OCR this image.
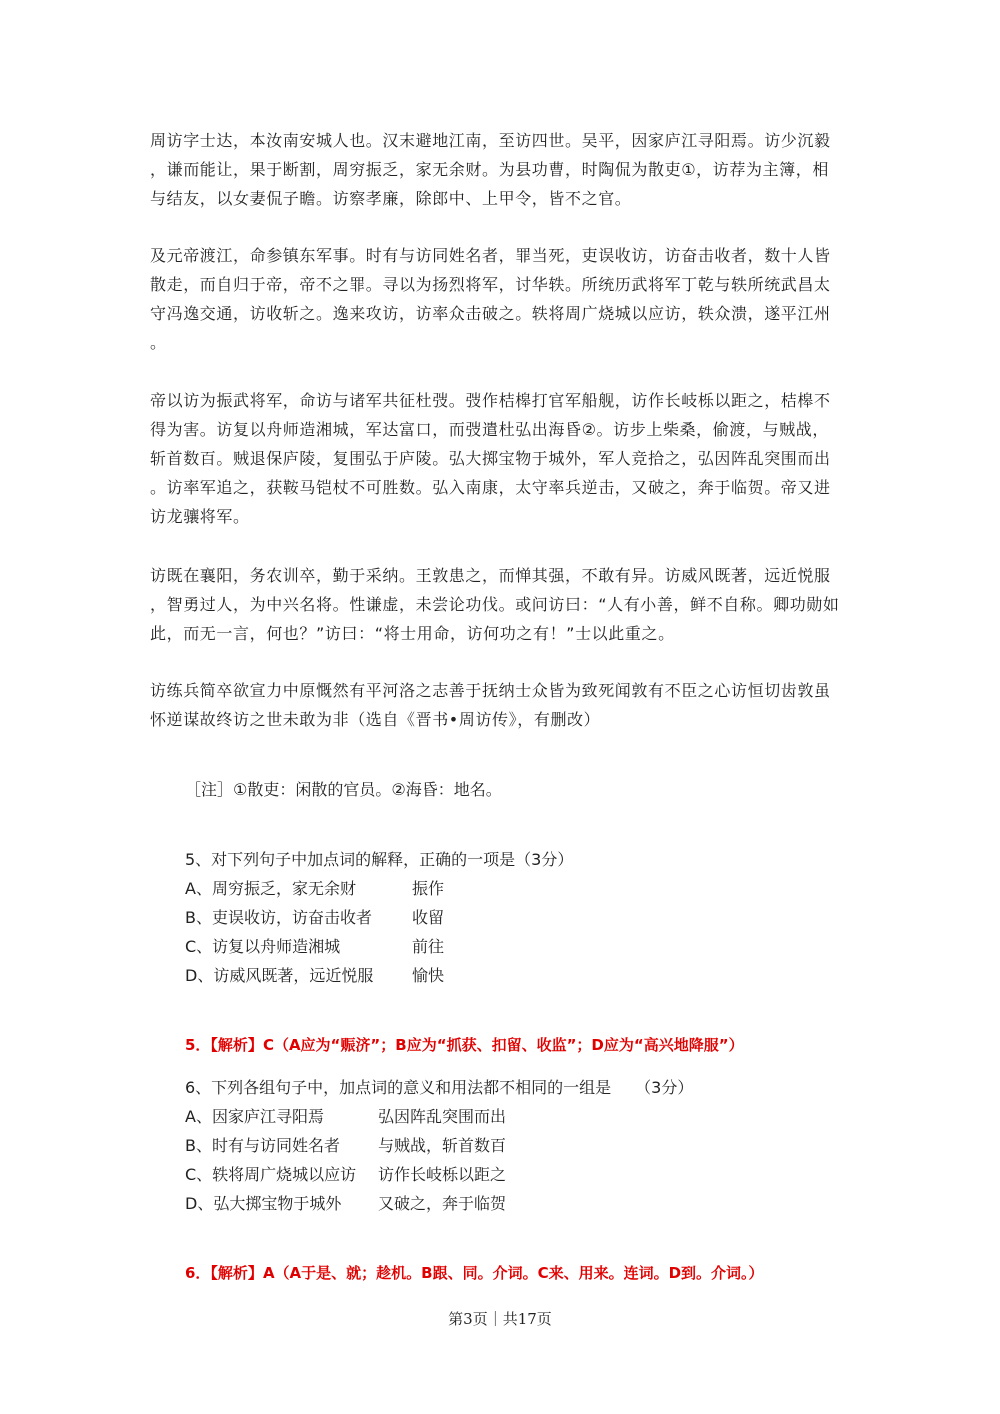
周访字士达，本汝南安城人也。汉末避地江南，至访四世。吴平，因家庐江寻阳焉。访少沉毅
，谦而能让，果于断割，周穷振乏，家无余财。为县功曹，时陶侃为散吏①，访荐为主簿，相
与结友，以女妻侃子瞻。访察孝廉，除郎中、上甲令，皆不之官。
及元帝渡江，命参镇东军事。时有与访同姓名者，罪当死，吏误收访，访奋击收者，数十人皆
散走，而自归于帝，帝不之罪。寻以为扬烈将军，讨华轶。所统历武将军丁乾与轶所统武昌太
守冯逸交通，访收斩之。逸来攻访，访率众击破之。轶将周广烧城以应访，轶众溃，遂平江州
。
帝以访为振武将军，命访与诸军共征杜弢。弢作桔槔打官军船舰，访作长岐栎以距之，桔槔不
得为害。访复以舟师造湘城，军达富口，而弢遣杜弘出海昏②。访步上柴桑，偷渡，与贼战，
斩首数百。贼退保庐陵，复围弘于庐陵。弘大掷宝物于城外，军人竞拾之，弘因阵乱突围而出
。访率军追之，获鞍马铠杖不可胜数。弘入南康，太守率兵逆击，又破之，奔于临贺。帝又进
访龙骧将军。
访既在襄阳，务农训卒，勤于采纳。王敦患之，而惮其强，不敢有异。访威风既著，远近悦服
，智勇过人，为中兴名将。性谦虚，未尝论功伐。或问访曰：“人有小善，鲜不自称。卿功勋如
此，而无一言，何也？”访曰：“将士用命，访何功之有！”士以此重之。
访练兵简卒欲宣力中原慨然有平河洛之志善于抚纳士众皆为致死闻敦有不臣之心访恒切齿敦虽
怀逆谋故终访之世未敢为非（选自《晋书•周访传》，有删改）
［注］①散吏：闲散的官员。②海昏：地名。
5、对下列句子中加点词的解释，正确的一项是（3分）
A、周穷振乏，家无余财	振作
B、吏误收访，访奋击收者	收留
C、访复以舟师造湘城	前往
D、访威风既著，远近悦服	愉快
5．【解析】C（A应为“赈济”；B应为“抓获、扣留、收监”；D应为“高兴地降服”）
6、下列各组句子中，加点词的意义和用法都不相同的一组是　　（3分）
A、因家庐江寻阳焉	弘因阵乱突围而出
B、时有与访同姓名者	与贼战，斩首数百
C、轶将周广烧城以应访	访作长岐栎以距之
D、弘大掷宝物于城外	又破之，奔于临贺
6．【解析】A（A于是、就；趁机。B跟、同。介词。C来、用来。连词。D到。介词。）
第3页｜共17页
